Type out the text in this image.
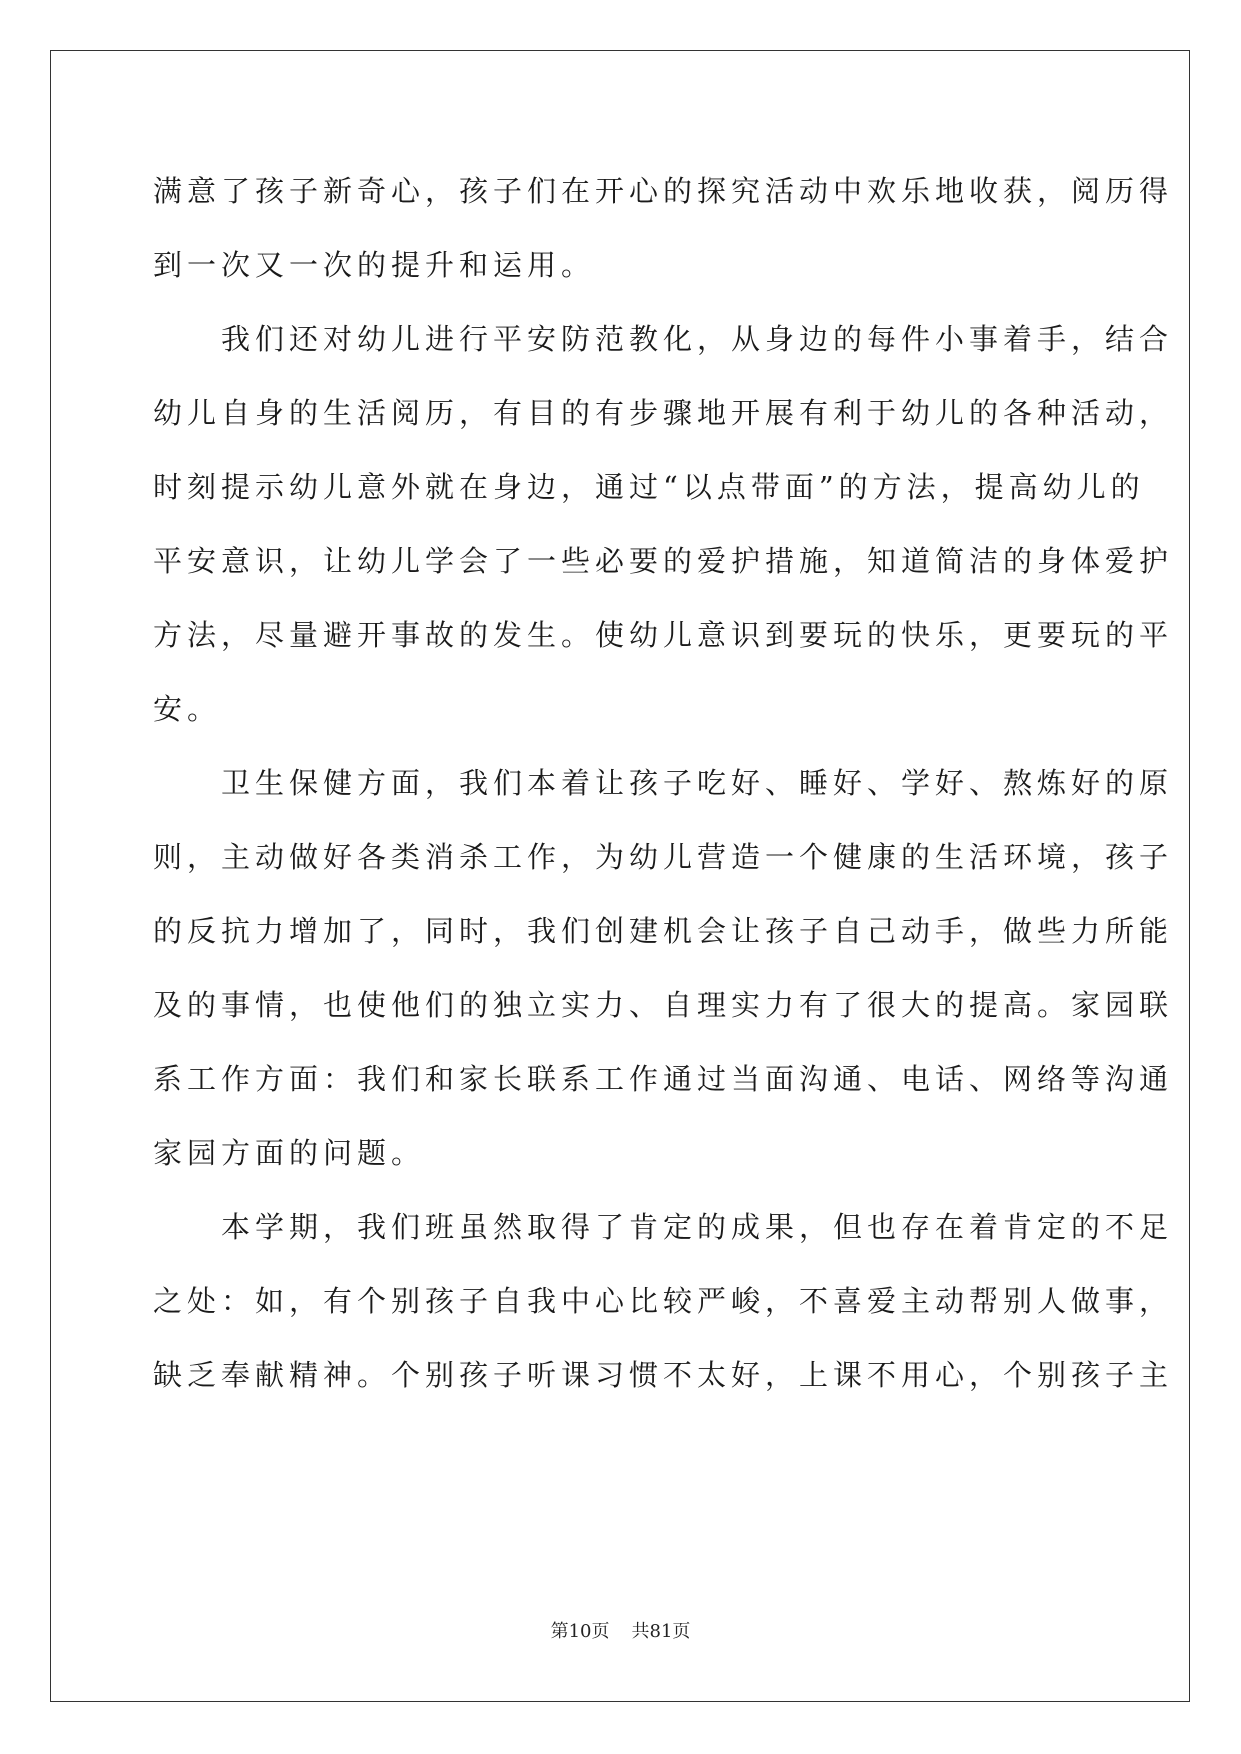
满意了孩子新奇心，孩子们在开心的探究活动中欢乐地收获，阅历得
到一次又一次的提升和运用。
　　我们还对幼儿进行平安防范教化，从身边的每件小事着手，结合
幼儿自身的生活阅历，有目的有步骤地开展有利于幼儿的各种活动，
时刻提示幼儿意外就在身边，通过“以点带面”的方法，提高幼儿的
平安意识，让幼儿学会了一些必要的爱护措施，知道简洁的身体爱护
方法，尽量避开事故的发生。使幼儿意识到要玩的快乐，更要玩的平
安。
　　卫生保健方面，我们本着让孩子吃好、睡好、学好、熬炼好的原
则，主动做好各类消杀工作，为幼儿营造一个健康的生活环境，孩子
的反抗力增加了，同时，我们创建机会让孩子自己动手，做些力所能
及的事情，也使他们的独立实力、自理实力有了很大的提高。家园联
系工作方面：我们和家长联系工作通过当面沟通、电话、网络等沟通
家园方面的问题。
　　本学期，我们班虽然取得了肯定的成果，但也存在着肯定的不足
之处：如，有个别孩子自我中心比较严峻，不喜爱主动帮别人做事，
缺乏奉献精神。个别孩子听课习惯不太好，上课不用心，个别孩子主
第10页 共81页
